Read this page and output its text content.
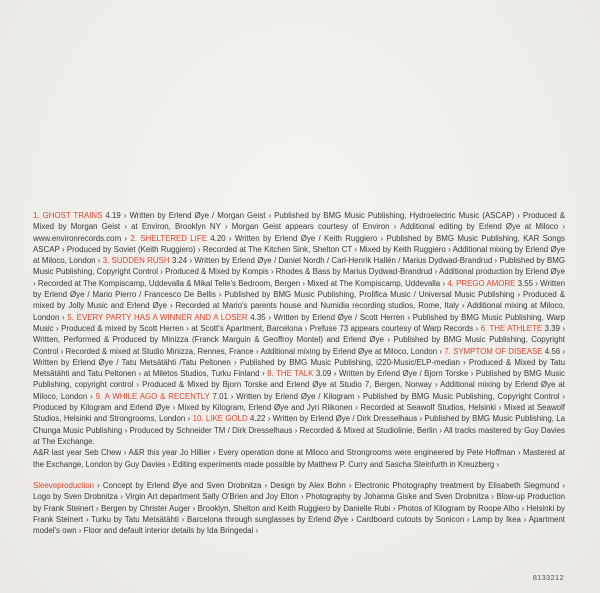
1. GHOST TRAINS 4.19 › Written by Erlend Øye / Morgan Geist › Published by BMG Music Publishing, Hydroelectric Music (ASCAP) › Produced & Mixed by Morgan Geist › at Environ, Brooklyn NY › Morgan Geist appears courtesy of Environ › Additional editing by Erlend Øye at Miloco › www.environrecords.com › 2. SHELTERED LIFE 4.20 › Written by Erlend Øye / Keith Ruggiero › Published by BMG Music Publishing, KAR Songs ASCAP › Produced by Soviet (Keith Ruggiero) › Recorded at The Kitchen Sink, Shelton CT › Mixed by Keith Ruggiero › Additional mixing by Erlend Øye at Miloco, London › 3. SUDDEN RUSH 3.24 › Written by Erlend Øye / Daniel Nordh / Carl-Henrik Hallén / Marius Dydwad-Brandrud › Published by BMG Music Publishing, Copyright Control › Produced & Mixed by Kompis › Rhodes & Bass by Marius Dydwad-Brandrud › Additional production by Erlend Øye › Recorded at The Kompiscamp, Uddevalla & Mikal Telle's Bedroom, Bergen › Mixed at The Kompiscamp, Uddevalla › 4. PREGO AMORE 3.55 › Written by Erlend Øye / Mario Pierro / Francesco De Bellis › Published by BMG Music Publishing, Prolifica Music / Universal Music Publishing › Produced & mixed by Jolly Music and Erlend Øye › Recorded at Mario's parents house and Numidia recording studios, Rome, Italy › Additional mixing at Miloco, London › 5. EVERY PARTY HAS A WINNER AND A LOSER 4.35 › Written by Erlend Øye / Scott Herren › Published by BMG Music Publishing, Warp Music › Produced & mixed by Scott Herren › at Scott's Apartment, Barcelona › Prefuse 73 appears courtesy of Warp Records › 6. THE ATHLETE 3.39 › Written, Performed & Produced by Minizza (Franck Marguin & Geoffroy Montel) and Erlend Øye › Published by BMG Music Publishing, Copyright Control › Recorded & mixed at Studio Minizza, Rennes, France › Additional mixing by Erlend Øye at Miloco, London › 7. SYMPTOM OF DISEASE 4.56 › Written by Erlend Øye / Tatu Metsätähti /Tatu Peltonen › Published by BMG Music Publishing, i220-Music/ELP-median › Produced & Mixed by Tatu Metsätähti and Tatu Peltonen › at Miletos Studios, Turku Finland › 8. THE TALK 3.09 › Written by Erlend Øye / Bjorn Torske › Published by BMG Music Publishing, copyright control › Produced & Mixed by Bjorn Torske and Erlend Øye at Studio 7, Bergen, Norway › Additional mixing by Erlend Øye at Miloco, London › 9. A WHILE AGO & RECENTLY 7.01 › Written by Erlend Øye / Kilogram › Published by BMG Music Publishing, Copyright Control › Produced by Kilogram and Erlend Øye › Mixed by Kilogram, Erlend Øye and Jyri Riikonen › Recorded at Seawolf Studios, Helsinki › Mixed at Seawolf Studios, Helsinki and Strongrooms, London › 10. LIKE GOLD 4.22 › Written by Erlend Øye / Dirk Dresselhaus › Published by BMG Music Publishing, La Chunga Music Publishing › Produced by Schneider TM / Dirk Dresselhaus › Recorded & Mixed at Studiolinie, Berlin › All tracks mastered by Guy Davies at The Exchange.

A&R last year Seb Chew › A&R this year Jo Hillier › Every operation done at Miloco and Strongrooms were engineered by Pete Hoffman › Mastered at the Exchange, London by Guy Davies › Editing experiments made possible by Matthew P. Curry and Sascha Steinfurth in Kreuzberg ›

Sleeveproduction › Concept by Erlend Øye and Sven Drobnitza › Design by Alex Bohn › Electronic Photography treatment by Elisabeth Siegmund › Logo by Sven Drobnitza › Virgin Art department Sally O'Brien and Joy Elton › Photography by Johanna Giske and Sven Drobnitza › Blow-up Production by Frank Steinert › Bergen by Christer Auger › Brooklyn, Shelton and Keith Ruggiero by Danielle Rubi › Photos of Kilogram by Roope Alho › Helsinki by Frank Steinert › Turku by Tatu Metsätähti › Barcelona through sunglasses by Erlend Øye › Cardboard cutouts by Sonicon › Lamp by Ikea › Apartment model's own › Floor and default interior details by Ida Bringedal ›

8133212
